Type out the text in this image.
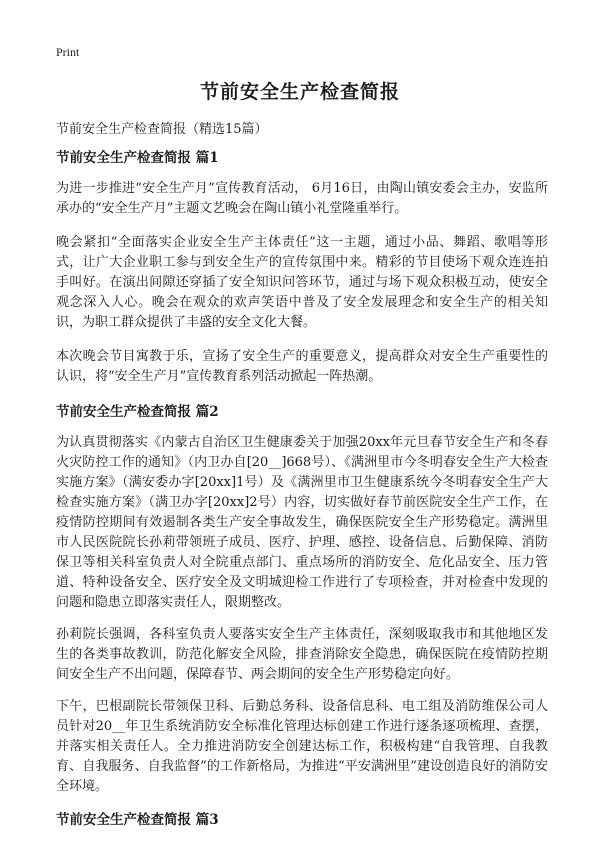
Print
节前安全生产检查简报

节前安全生产检查简报（精选15篇）

节前安全生产检查简报 篇1

为进一步推进“安全生产月”宣传教育活动， 6月16日，由陶山镇安委会主办，安监所承办的“安全生产月”主题文艺晚会在陶山镇小礼堂隆重举行。

晚会紧扣“全面落实企业安全生产主体责任”这一主题，通过小品、舞蹈、歌唱等形式，让广大企业职工参与到安全生产的宣传氛围中来。精彩的节目使场下观众连连拍手叫好。在演出间隙还穿插了安全知识问答环节，通过与场下观众积极互动，使安全观念深入人心。晚会在观众的欢声笑语中普及了安全发展理念和安全生产的相关知识，为职工群众提供了丰盛的安全文化大餐。

本次晚会节目寓教于乐，宣扬了安全生产的重要意义，提高群众对安全生产重要性的认识，将“安全生产月”宣传教育系列活动掀起一阵热潮。

节前安全生产检查简报 篇2

为认真贯彻落实《内蒙古自治区卫生健康委关于加强20xx年元旦春节安全生产和冬春火灾防控工作的通知》（内卫办自[20__]668号）、《满洲里市今冬明春安全生产大检查实施方案》（满安委办字[20xx]1号）及《满洲里市卫生健康系统今冬明春安全生产大检查实施方案》（满卫办字[20xx]2号）内容，切实做好春节前医院安全生产工作，在疫情防控期间有效遏制各类生产安全事故发生，确保医院安全生产形势稳定。满洲里市人民医院院长孙莉带领班子成员、医疗、护理、感控、设备信息、后勤保障、消防保卫等相关科室负责人对全院重点部门、重点场所的消防安全、危化品安全、压力管道、特种设备安全、医疗安全及文明城迎检工作进行了专项检查，并对检查中发现的问题和隐患立即落实责任人，限期整改。

孙莉院长强调，各科室负责人要落实安全生产主体责任，深刻吸取我市和其他地区发生的各类事故教训，防范化解安全风险，排查消除安全隐患，确保医院在疫情防控期间安全生产不出问题，保障春节、两会期间的安全生产形势稳定向好。

下午，巴根副院长带领保卫科、后勤总务科、设备信息科、电工组及消防维保公司人员针对20__年卫生系统消防安全标准化管理达标创建工作进行逐条逐项梳理、查摆，并落实相关责任人。全力推进消防安全创建达标工作，积极构建“自我管理、自我教育、自我服务、自我监督”的工作新格局，为推进“平安满洲里”建设创造良好的消防安全环境。

节前安全生产检查简报 篇3
